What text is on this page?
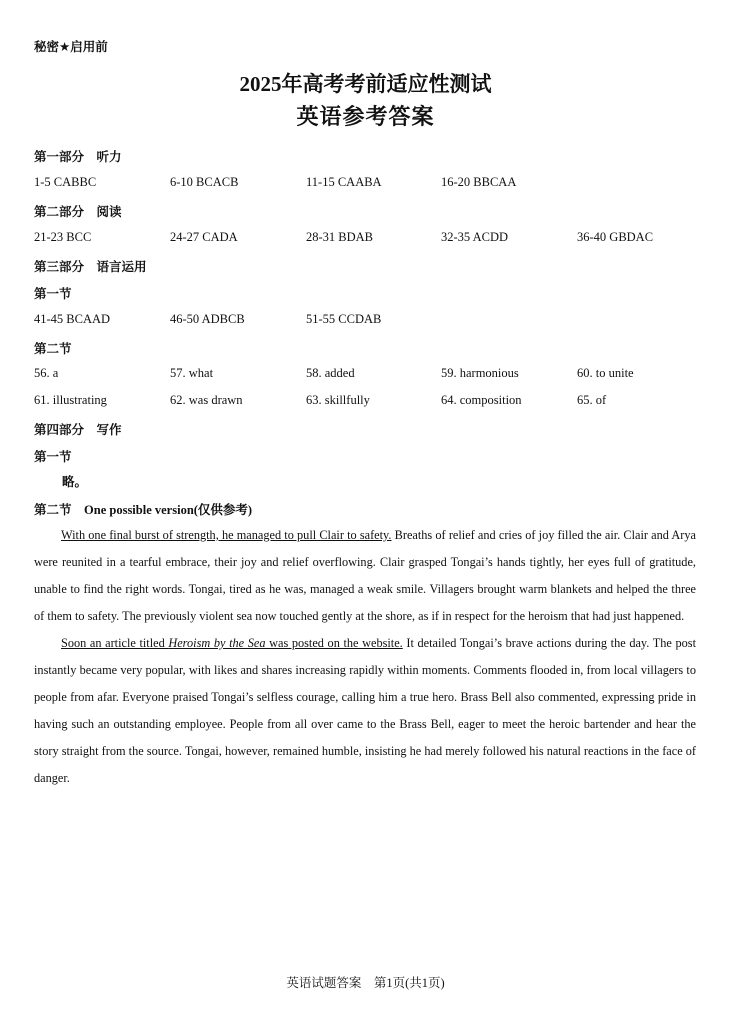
秘密★启用前
2025年高考考前适应性测试
英语参考答案
第一部分　听力
1-5 CABBC	6-10 BCACB	11-15 CAABA	16-20 BBCAA
第二部分　阅读
21-23 BCC	24-27 CADA	28-31 BDAB	32-35 ACDD	36-40 GBDAC
第三部分　语言运用
第一节
41-45 BCAAD	46-50 ADBCB	51-55 CCDAB
第二节
56. a	57. what	58. added	59. harmonious	60. to unite
61. illustrating	62. was drawn	63. skillfully	64. composition	65. of
第四部分　写作
第一节
略。
第二节　 One possible version(仅供参考)

With one final burst of strength, he managed to pull Clair to safety. Breaths of relief and cries of joy filled the air. Clair and Arya were reunited in a tearful embrace, their joy and relief overflowing. Clair grasped Tongai’s hands tightly, her eyes full of gratitude, unable to find the right words. Tongai, tired as he was, managed a weak smile. Villagers brought warm blankets and helped the three of them to safety. The previously violent sea now touched gently at the shore, as if in respect for the heroism that had just happened.

Soon an article titled Heroism by the Sea was posted on the website. It detailed Tongai’s brave actions during the day. The post instantly became very popular, with likes and shares increasing rapidly within moments. Comments flooded in, from local villagers to people from afar. Everyone praised Tongai’s selfless courage, calling him a true hero. Brass Bell also commented, expressing pride in having such an outstanding employee. People from all over came to the Brass Bell, eager to meet the heroic bartender and hear the story straight from the source. Tongai, however, remained humble, insisting he had merely followed his natural reactions in the face of danger.

英语试题答案　第1页(共1页)
